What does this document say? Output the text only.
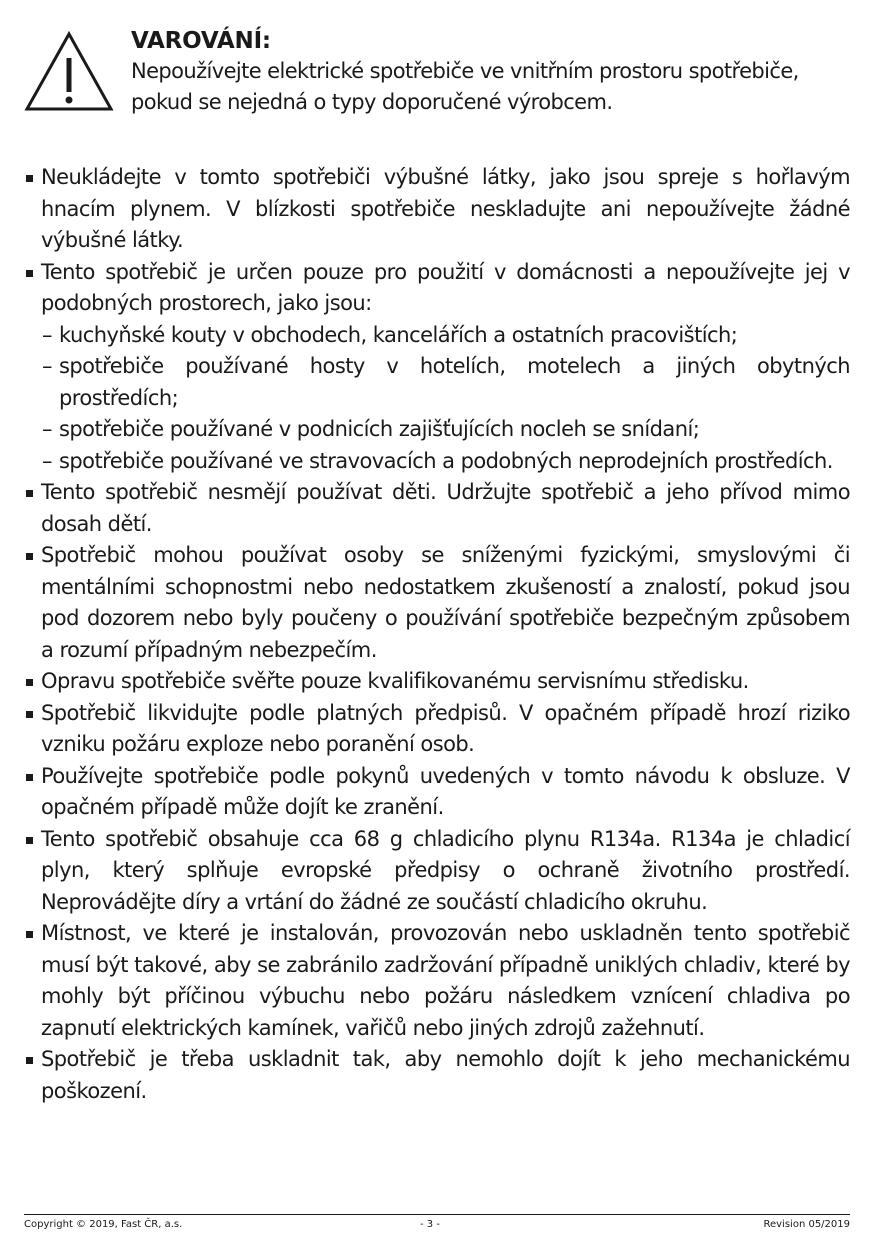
VAROVÁNÍ:
Nepoužívejte elektrické spotřebiče ve vnitřním prostoru spotřebiče, pokud se nejedná o typy doporučené výrobcem.
Neukládejte v tomto spotřebiči výbušné látky, jako jsou spreje s hořlavým hnacím plynem. V blízkosti spotřebiče neskladujte ani nepoužívejte žádné výbušné látky.
Tento spotřebič je určen pouze pro použití v domácnosti a nepoužívejte jej v podobných prostorech, jako jsou:
– kuchyňské kouty v obchodech, kancelářích a ostatních pracovištích;
– spotřebiče používané hosty v hotelích, motelech a jiných obytných prostředích;
– spotřebiče používané v podnicích zajišťujících nocleh se snídaní;
– spotřebiče používané ve stravovacích a podobných neprodejních prostředích.
Tento spotřebič nesmějí používat děti. Udržujte spotřebič a jeho přívod mimo dosah dětí.
Spotřebič mohou používat osoby se sníženými fyzickými, smyslovými či mentálními schopnostmi nebo nedostatkem zkušeností a znalostí, pokud jsou pod dozorem nebo byly poučeny o používání spotřebiče bezpečným způsobem a rozumí případným nebezpečím.
Opravu spotřebiče svěřte pouze kvalifikovanému servisnímu středisku.
Spotřebič likvidujte podle platných předpisů. V opačném případě hrozí riziko vzniku požáru exploze nebo poranění osob.
Používejte spotřebiče podle pokynů uvedených v tomto návodu k obsluze. V opačném případě může dojít ke zranění.
Tento spotřebič obsahuje cca 68 g chladicího plynu R134a. R134a je chladicí plyn, který splňuje evropské předpisy o ochraně životního prostředí. Neprovádějte díry a vrtání do žádné ze součástí chladicího okruhu.
Místnost, ve které je instalován, provozován nebo uskladněn tento spotřebič musí být takové, aby se zabránilo zadržování případně uniklých chladiv, které by mohly být příčinou výbuchu nebo požáru následkem vznícení chladiva po zapnutí elektrických kamínek, vařičů nebo jiných zdrojů zažehnutí.
Spotřebič je třeba uskladnit tak, aby nemohlo dojít k jeho mechanickému poškození.
Copyright © 2019, Fast ČR, a.s.	- 3 -	Revision 05/2019
